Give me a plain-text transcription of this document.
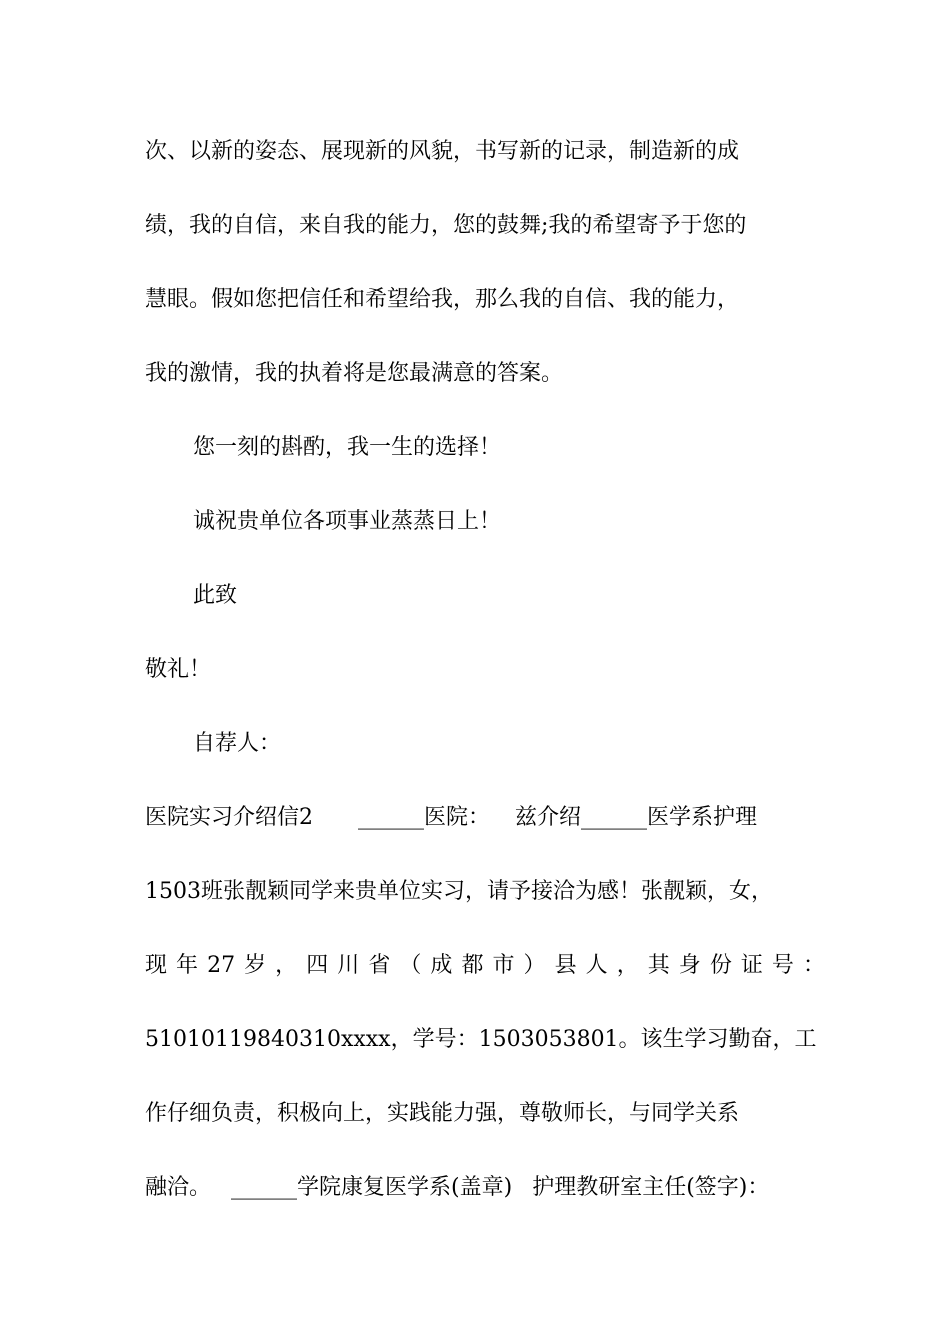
次、以新的姿态、展现新的风貌，书写新的记录，制造新的成
绩，我的自信，来自我的能力，您的鼓舞;我的希望寄予于您的
慧眼。假如您把信任和希望给我，那么我的自信、我的能力，
我的激情，我的执着将是您最满意的答案。
您一刻的斟酌，我一生的选择！
诚祝贵单位各项事业蒸蒸日上！
此致
敬礼！
自荐人：
医院实习介绍信2 ______医院： 兹介绍______医学系护理
1503班张靓颖同学来贵单位实习，请予接洽为感！张靓颖，女，
现 年 27 岁 ， 四 川 省 （ 成 都 市 ） 县 人 ， 其 身 份 证 号 ：
51010119840310xxxx，学号：1503053801。该生学习勤奋，工
作仔细负责，积极向上，实践能力强，尊敬师长，与同学关系
融洽。 ______学院康复医学系(盖章) 护理教研室主任(签字)：
